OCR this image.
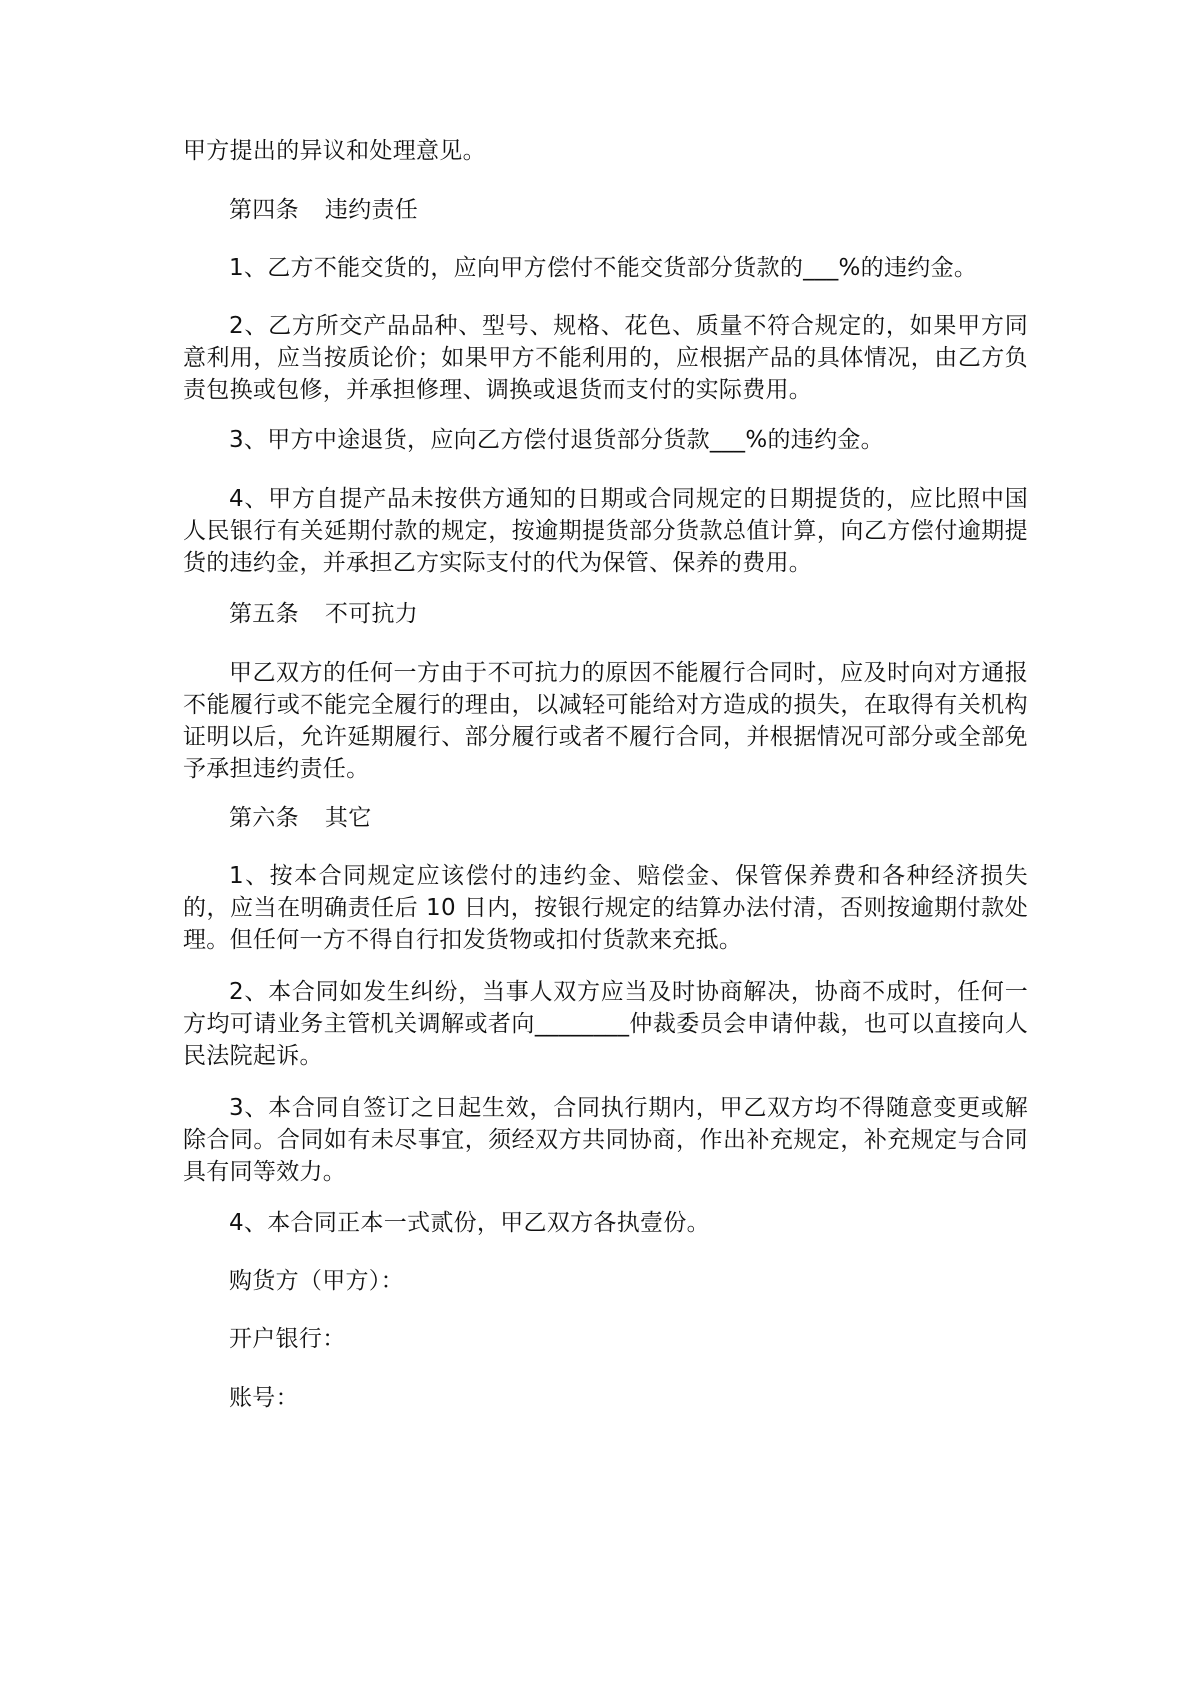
甲方提出的异议和处理意见。

第四条 违约责任

1、乙方不能交货的，应向甲方偿付不能交货部分货款的___%的违约金。

2、乙方所交产品品种、型号、规格、花色、质量不符合规定的，如果甲方同意利用，应当按质论价；如果甲方不能利用的，应根据产品的具体情况，由乙方负责包换或包修，并承担修理、调换或退货而支付的实际费用。

3、甲方中途退货，应向乙方偿付退货部分货款___%的违约金。

4、甲方自提产品未按供方通知的日期或合同规定的日期提货的，应比照中国人民银行有关延期付款的规定，按逾期提货部分货款总值计算，向乙方偿付逾期提货的违约金，并承担乙方实际支付的代为保管、保养的费用。

第五条 不可抗力

甲乙双方的任何一方由于不可抗力的原因不能履行合同时，应及时向对方通报不能履行或不能完全履行的理由，以减轻可能给对方造成的损失，在取得有关机构证明以后，允许延期履行、部分履行或者不履行合同，并根据情况可部分或全部免予承担违约责任。

第六条 其它

1、按本合同规定应该偿付的违约金、赔偿金、保管保养费和各种经济损失的，应当在明确责任后 10 日内，按银行规定的结算办法付清，否则按逾期付款处理。但任何一方不得自行扣发货物或扣付货款来充抵。

2、本合同如发生纠纷，当事人双方应当及时协商解决，协商不成时，任何一方均可请业务主管机关调解或者向________仲裁委员会申请仲裁，也可以直接向人民法院起诉。

3、本合同自签订之日起生效，合同执行期内，甲乙双方均不得随意变更或解除合同。合同如有未尽事宜，须经双方共同协商，作出补充规定，补充规定与合同具有同等效力。

4、本合同正本一式贰份，甲乙双方各执壹份。

购货方（甲方）：

开户银行：

账号：
